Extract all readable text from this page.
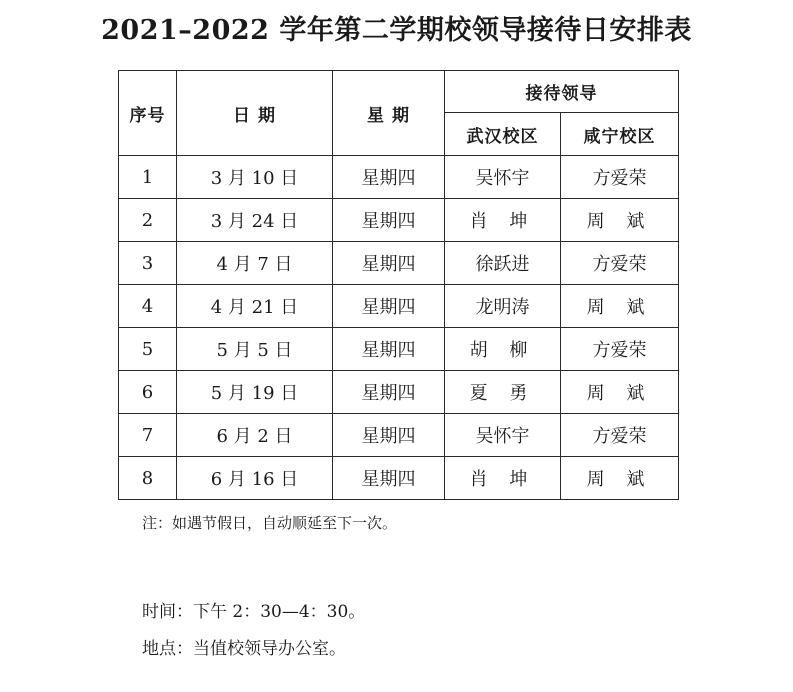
2021–2022 学年第二学期校领导接待日安排表
序号	日 期	星 期	接待领导	
			武汉校区	咸宁校区
1	3 月 10 日	星期四	吴怀宇	方爱荣
2	3 月 24 日	星期四	肖 坤	周 斌
3	4 月 7 日	星期四	徐跃进	方爱荣
4	4 月 21 日	星期四	龙明涛	周 斌
5	5 月 5 日	星期四	胡 柳	方爱荣
6	5 月 19 日	星期四	夏 勇	周 斌
7	6 月 2 日	星期四	吴怀宇	方爱荣
8	6 月 16 日	星期四	肖 坤	周 斌
注：如遇节假日，自动顺延至下一次。
时间：下午 2：30—4：30。
地点：当值校领导办公室。
